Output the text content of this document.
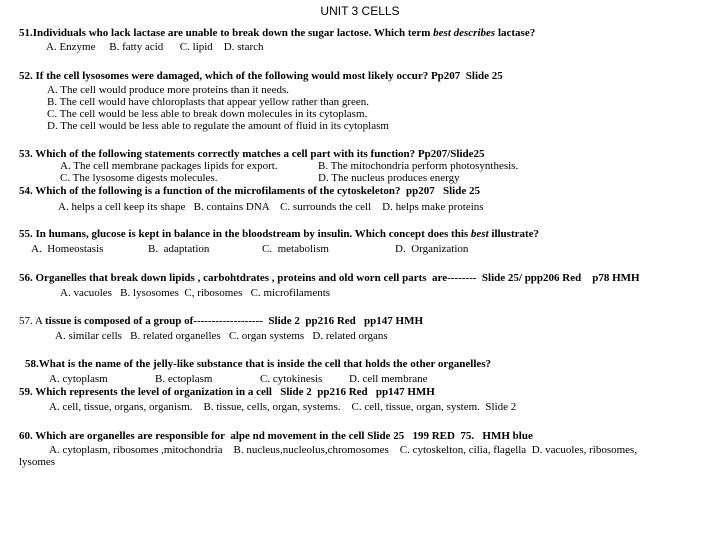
UNIT 3 CELLS
51.Individuals who lack lactase are unable to break down the sugar lactose. Which term best describes lactase?
A. Enzyme     B. fatty acid      C. lipid    D. starch
52. If the cell lysosomes were damaged, which of the following would most likely occur? Pp207  Slide 25
A. The cell would produce more proteins than it needs.
B. The cell would have chloroplasts that appear yellow rather than green.
C. The cell would be less able to break down molecules in its cytoplasm.
D. The cell would be less able to regulate the amount of fluid in its cytoplasm
53. Which of the following statements correctly matches a cell part with its function? Pp207/Slide25
A. The cell membrane packages lipids for export.	B. The mitochondria perform photosynthesis.
C. The lysosome digests molecules.	D. The nucleus produces energy
54. Which of the following is a function of the microfilaments of the cytoskeleton?  pp207   Slide 25
A. helps a cell keep its shape   B. contains DNA    C. surrounds the cell    D. helps make proteins
55. In humans, glucose is kept in balance in the bloodstream by insulin. Which concept does this best illustrate?
A.  Homeostasis	B.  adaptation	C.  metabolism	D.  Organization
56. Organelles that break down lipids , carbohtdrates , proteins and old worn cell parts  are--------  Slide 25/ ppp206 Red    p78 HMH
A. vacuoles   B. lysosomes  C, ribosomes   C. microfilaments
57. A tissue is composed of a group of-------------------  Slide 2  pp216 Red   pp147 HMH
A. similar cells   B. related organelles   C. organ systems   D. related organs
58.What is the name of the jelly-like substance that is inside the cell that holds the other organelles?
A. cytoplasm	B. ectoplasm	C. cytokinesis D. cell membrane
59. Which represents the level of organization in a cell   Slide 2  pp216 Red   pp147 HMH
A. cell, tissue, organs, organism.    B. tissue, cells, organ, systems.    C. cell, tissue, organ, system.  Slide 2
60. Which are organelles are responsible for  alpe nd movement in the cell Slide 25   199 RED  75.   HMH blue
A. cytoplasm, ribosomes ,mitochondria    B. nucleus,nucleolus,chromosomes    C. cytoskelton, cilia, flagella  D. vacuoles, ribosomes,
lysomes
